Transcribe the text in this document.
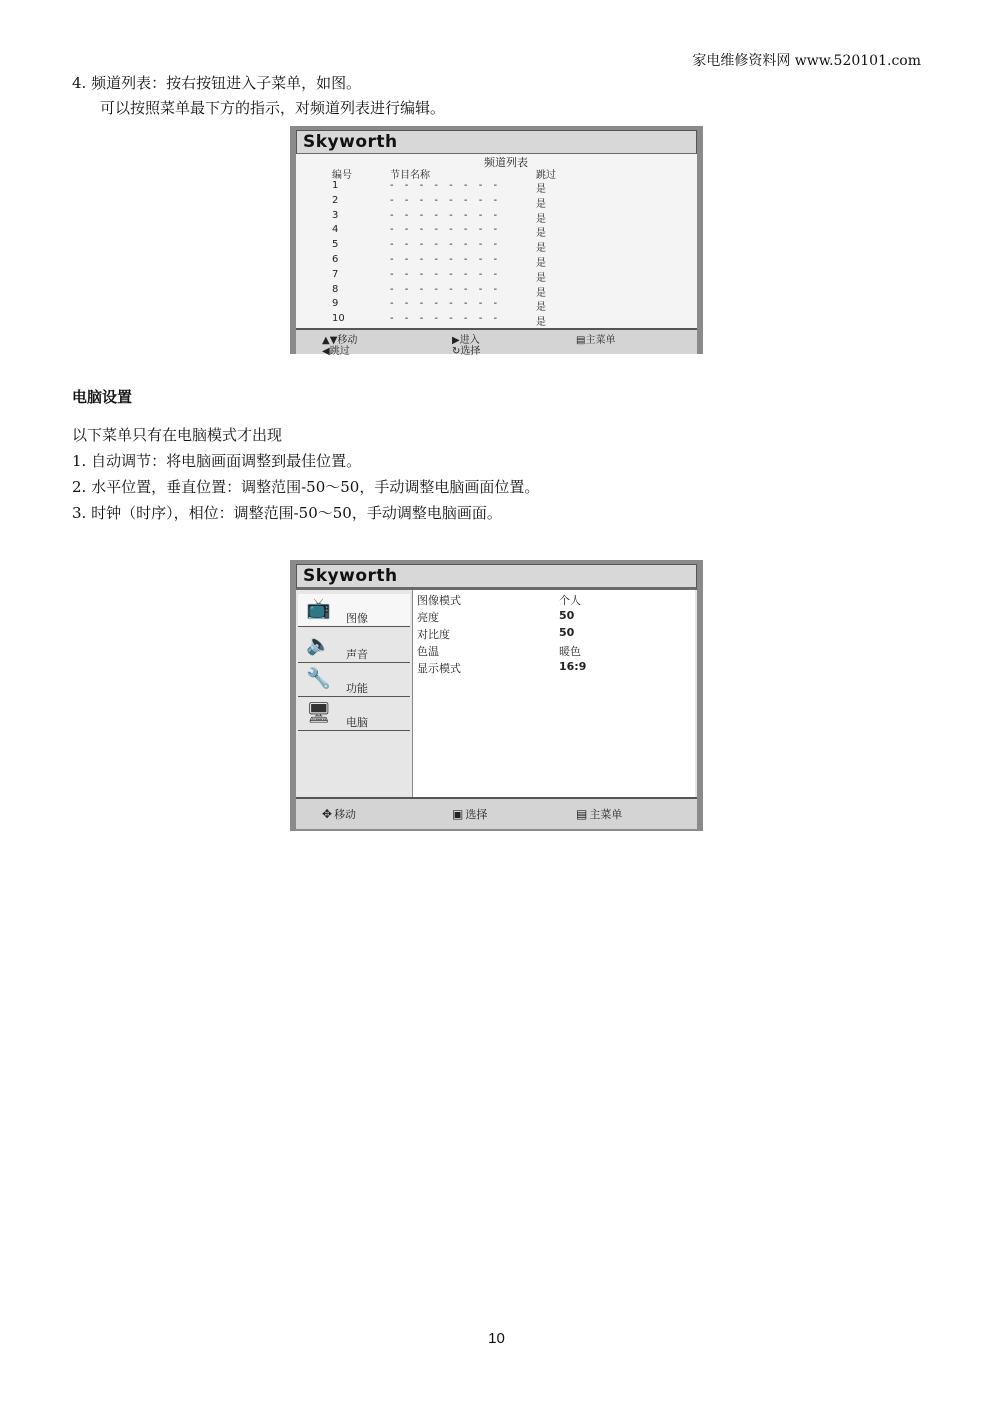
家电维修资料网 www.520101.com
4. 频道列表：按右按钮进入子菜单，如图。
可以按照菜单最下方的指示，对频道列表进行编辑。
Skyworth
频道列表
编号	节目名称	跳过
1	- - - - - - - -	是
2	- - - - - - - -	是
3	- - - - - - - -	是
4	- - - - - - - -	是
5	- - - - - - - -	是
6	- - - - - - - -	是
7	- - - - - - - -	是
8	- - - - - - - -	是
9	- - - - - - - -	是
10	- - - - - - - -	是
▲▼移动
◀跳过
▶进入
↻选择
▤主菜单
电脑设置
以下菜单只有在电脑模式才出现
1. 自动调节：将电脑画面调整到最佳位置。
2. 水平位置，垂直位置：调整范围-50～50，手动调整电脑画面位置。
3. 时钟（时序），相位：调整范围-50～50，手动调整电脑画面。
Skyworth
📺 图像
🔈 声音
🔧 功能
🖥 电脑
图像模式	个人
亮度	50
对比度	50
色温	暖色
显示模式	16:9
✥ 移动	▣ 选择	▤ 主菜单
10
